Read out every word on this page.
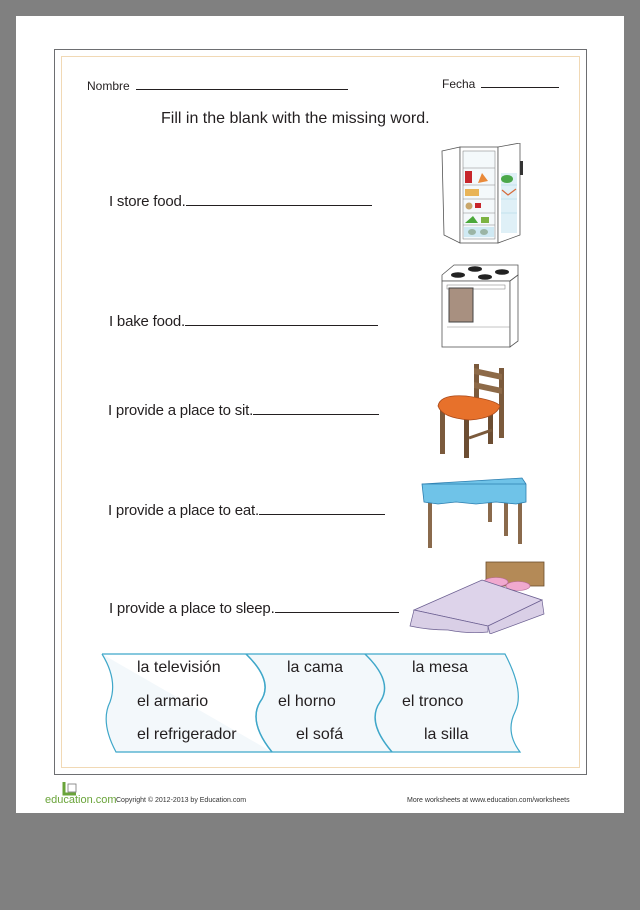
Nombre	Fecha
Fill in the blank with the missing word.
I store food.
I bake food.
I provide a place to sit.
I provide a place to eat.
I provide a place to sleep.
la televisión
el armario
el refrigerador
la cama
el horno
el sofá
la mesa
el tronco
la silla
education.com Copyright © 2012-2013 by Education.com	More worksheets at www.education.com/worksheets
